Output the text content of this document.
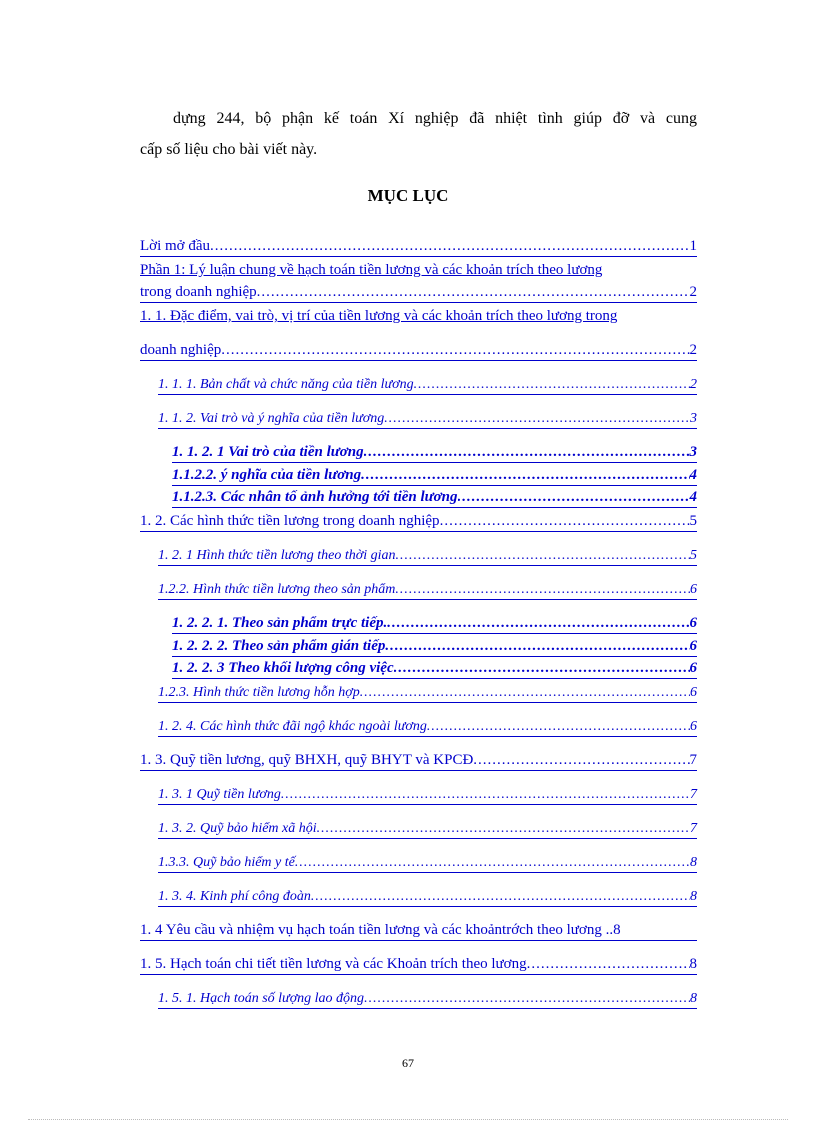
dựng 244, bộ phận kế toán Xí nghiệp đã nhiệt tình giúp đỡ và cung
cấp số liệu cho bài viết này.
MỤC LỤC
Lời mở đầu .....	1
Phần 1: Lý luận chung về hạch toán tiền lương và các khoản trích theo lương
trong doanh nghiệp .....	2
1. 1. Đặc điểm, vai trò, vị trí của tiền lương và các khoản trích theo lương trong
doanh nghiệp .....	2
1. 1. 1. Bản chất và chức năng của tiền lương .....	2
1. 1. 2. Vai trò và ý nghĩa của tiền lương .....	3
1. 1. 2. 1 Vai trò của tiền lương .....	3
1.1.2.2. ý nghĩa của tiền lương .....	4
1.1.2.3. Các nhân tố ảnh hưởng tới tiền lương .....	4
1. 2. Các hình thức tiền lương trong doanh nghiệp .....	5
1. 2. 1 Hình thức tiền lương theo thời gian .....	5
1.2.2. Hình thức tiền lương theo sản phẩm .....	6
1. 2. 2. 1. Theo sản phẩm trực tiếp. .....	6
1. 2. 2. 2. Theo sản phẩm gián tiếp .....	6
1. 2. 2. 3 Theo khối lượng công việc .....	6
1.2.3. Hình thức tiền lương hỗn hợp .....	6
1. 2. 4. Các hình thức đãi ngộ khác ngoài lương .....	6
1. 3. Quỹ tiền lương, quỹ BHXH, quỹ BHYT và KPCĐ .....	7
1. 3. 1 Quỹ tiền lương .....	7
1. 3. 2. Quỹ bảo hiểm xã hội .....	7
1.3.3. Quỹ bảo hiểm y tế .....	8
1. 3. 4. Kinh phí công đoàn .....	8
1. 4 Yêu cầu và nhiệm vụ hạch toán tiền lương và các khoảntrớch theo lương .. 8
1. 5. Hạch toán chi tiết tiền lương và các Khoản trích theo lương .....	8
1. 5. 1. Hạch toán số lượng lao động .....	8
67
